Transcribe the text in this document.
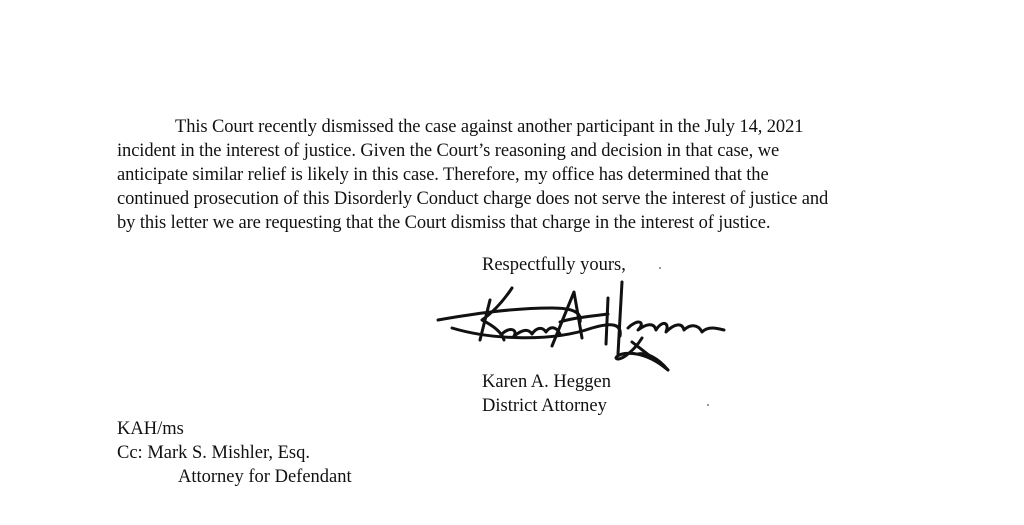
This Court recently dismissed the case against another participant in the July 14, 2021
incident in the interest of justice. Given the Court’s reasoning and decision in that case, we
anticipate similar relief is likely in this case. Therefore, my office has determined that the
continued prosecution of this Disorderly Conduct charge does not serve the interest of justice and
by this letter we are requesting that the Court dismiss that charge in the interest of justice.

Respectfully yours,

Karen A. Heggen
District Attorney
KAH/ms
Cc: Mark S. Mishler, Esq.
Attorney for Defendant
